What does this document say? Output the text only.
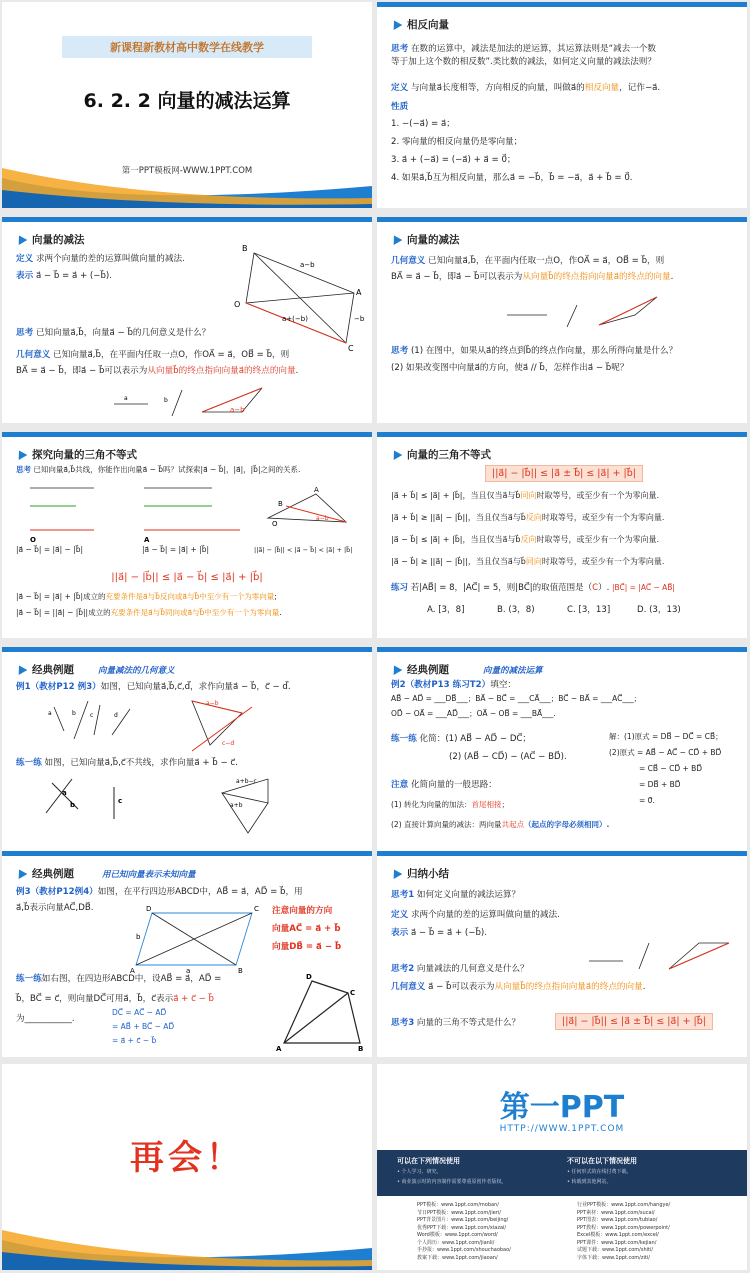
新课程新教材高中数学在线教学
6. 2. 2 向量的减法运算
第一PPT模板网-WWW.1PPT.COM
相反向量
思考 在数的运算中，减法是加法的逆运算，其运算法则是“减去一个数
等于加上这个数的相反数”.类比数的减法，如何定义向量的减法法则？
定义 与向量a⃗长度相等，方向相反的向量，叫做a⃗的相反向量，记作−a⃗.
性质
1. −(−a⃗) = a⃗；
2. 零向量的相反向量仍是零向量；
3. a⃗ + (−a⃗) = (−a⃗) + a⃗ = 0⃗；
4. 如果a⃗,b⃗互为相反向量，那么a⃗ = −b⃗，b⃗ = −a⃗，a⃗ + b⃗ = 0⃗.
向量的减法
定义 求两个向量的差的运算叫做向量的减法.
表示 a⃗ − b⃗ = a⃗ + (−b⃗).
思考 已知向量a⃗,b⃗，向量a⃗ − b⃗的几何意义是什么？
几何意义 已知向量a⃗,b⃗，在平面内任取一点O，作OA⃗ = a⃗，OB⃗ = b⃗，则
BA⃗ = a⃗ − b⃗，即a⃗ − b⃗可以表示为从向量b⃗的终点指向向量a⃗的终点的向量.
B
O
A
C
a−b
a+(−b)	−b
a	b
a−b
向量的减法
几何意义 已知向量a⃗,b⃗，在平面内任取一点O，作OA⃗ = a⃗，OB⃗ = b⃗，则
BA⃗ = a⃗ − b⃗，即a⃗ − b⃗可以表示为从向量b⃗的终点指向向量a⃗的终点的向量.
思考 (1) 在图中，如果从a⃗的终点到b⃗的终点作向量，那么所得向量是什么？
(2) 如果改变图中向量a⃗的方向，使a⃗ // b⃗，怎样作出a⃗ − b⃗呢？
探究向量的三角不等式
思考 已知向量a⃗,b⃗共线，你能作出向量a⃗ − b⃗吗？试探索|a⃗ − b⃗|，|a⃗|，|b⃗|之间的关系.
O	A
O
A
B
a−b
|a⃗ − b⃗| = |a⃗| − |b⃗|	|a⃗ − b⃗| = |a⃗| + |b⃗|	||a⃗| − |b⃗|| < |a⃗ − b⃗| < |a⃗| + |b⃗|
||a⃗| − |b⃗|| ≤ |a⃗ − b⃗| ≤ |a⃗| + |b⃗|
|a⃗ − b⃗| = |a⃗| + |b⃗|成立的充要条件是a⃗与b⃗反向或a⃗与b⃗中至少有一个为零向量;
|a⃗ − b⃗| = ||a⃗| − |b⃗||成立的充要条件是a⃗与b⃗同向或a⃗与b⃗中至少有一个为零向量.
向量的三角不等式
||a⃗| − |b⃗|| ≤ |a⃗ ± b⃗| ≤ |a⃗| + |b⃗|
|a⃗ + b⃗| ≤ |a⃗| + |b⃗|，当且仅当a⃗与b⃗同向时取等号，或至少有一个为零向量.
|a⃗ + b⃗| ≥ ||a⃗| − |b⃗||，当且仅当a⃗与b⃗反向时取等号，或至少有一个为零向量.
|a⃗ − b⃗| ≤ |a⃗| + |b⃗|，当且仅当a⃗与b⃗反向时取等号，或至少有一个为零向量.
|a⃗ − b⃗| ≥ ||a⃗| − |b⃗||，当且仅当a⃗与b⃗同向时取等号，或至少有一个为零向量.
练习 若|AB⃗| = 8，|AC⃗| = 5，则|BC⃗|的取值范围是（C）. |BC⃗| = |AC⃗ − AB⃗|
A. [3，8]	B. (3，8)	C. [3，13]	D. (3，13)
经典例题	向量减法的几何意义
例1（教材P12 例3）如图，已知向量a⃗,b⃗,c⃗,d⃗，求作向量a⃗ − b⃗，c⃗ − d⃗.
a	b c	d
a−b
c−d
练一练 如图，已知向量a⃗,b⃗,c⃗不共线，求作向量a⃗ + b⃗ − c⃗.
a
b	c
a+b−c
a+b
经典例题	向量的减法运算
例2（教材P13 练习T2）填空：
AB⃗ − AD⃗ = ___DB⃗___；BA⃗ − BC⃗ = ___CA⃗___；BC⃗ − BA⃗ = ___AC⃗___；
OD⃗ − OA⃗ = ___AD⃗___；OA⃗ − OB⃗ = ___BA⃗___.
练一练 化简：(1) AB⃗ − AD⃗ − DC⃗；
(2) (AB⃗ − CD⃗) − (AC⃗ − BD⃗).
解：(1)原式 = DB⃗ − DC⃗ = CB⃗；
(2)原式 = AB⃗ − AC⃗ − CD⃗ + BD⃗
= CB⃗ − CD⃗ + BD⃗
= DB⃗ + BD⃗
= 0⃗.
注意 化简向量的一般思路：
(1) 转化为向量的加法：首尾相接；
(2) 直接计算向量的减法：两向量共起点（起点的字母必须相同）.
经典例题	用已知向量表示未知向量
例3（教材P12例4）如图，在平行四边形ABCD中，AB⃗ = a⃗，AD⃗ = b⃗，用
a⃗,b⃗表示向量AC⃗,DB⃗.	D	C
A	B
a
b
注意向量的方向
向量AC⃗ = a⃗ + b⃗
向量DB⃗ = a⃗ − b⃗
练一练如右图，在四边形ABCD中，设AB⃗ = a⃗，AD⃗ =
b⃗，BC⃗ = c⃗，则向量DC⃗可用a⃗，b⃗，c⃗表示a⃗ + c⃗ − b⃗
为___________.
DC⃗ = AC⃗ − AD⃗
= AB⃗ + BC⃗ − AD⃗
= a⃗ + c⃗ − b⃗
D
C
A	B
归纳小结
思考1 如何定义向量的减法运算？
定义 求两个向量的差的运算叫做向量的减法.
表示 a⃗ − b⃗ = a⃗ + (−b⃗).
思考2 向量减法的几何意义是什么？
几何意义 a⃗ − b⃗可以表示为从向量b⃗的终点指向向量a⃗的终点的向量.
思考3 向量的三角不等式是什么？	||a⃗| − |b⃗|| ≤ |a⃗ ± b⃗| ≤ |a⃗| + |b⃗|
再会！
第一PPT
HTTP://WWW.1PPT.COM
可以在下列情况使用
• 个人学习、研究。
• 商业演示时的内容制作需要尊重原创作者版权。
不可以在以下情况使用
• 任何形式的在线付费下载。
• 转载到其他网站。
PPT模板：www.1ppt.com/moban/
节日PPT模板：www.1ppt.com/jieri/
PPT背景图片：www.1ppt.com/beijing/
优秀PPT下载：www.1ppt.com/xiazai/
Word模板：www.1ppt.com/word/
个人简历：www.1ppt.com/jianli/
手抄报：www.1ppt.com/shouchaobao/
教案下载：www.1ppt.com/jiaoan/
行业PPT模板：www.1ppt.com/hangye/
PPT素材：www.1ppt.com/sucai/
PPT图表：www.1ppt.com/tubiao/
PPT教程：www.1ppt.com/powerpoint/
Excel模板：www.1ppt.com/excel/
PPT课件：www.1ppt.com/kejian/
试题下载：www.1ppt.com/shiti/
字体下载：www.1ppt.com/ziti/
